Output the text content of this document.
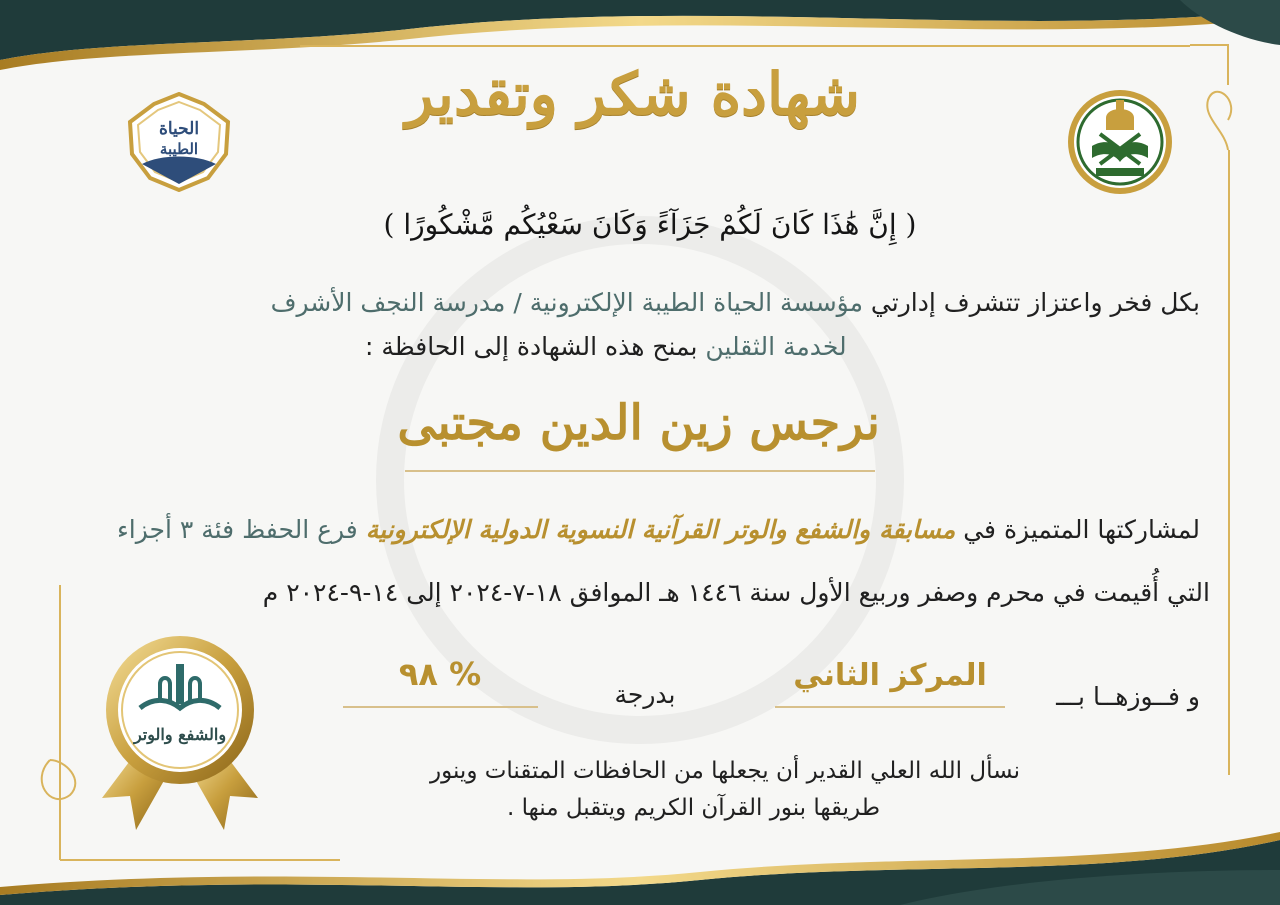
الحياة
الطيبة
شهادة شكر وتقدير
( إِنَّ هَٰذَا كَانَ لَكُمْ جَزَآءً وَكَانَ سَعْيُكُم مَّشْكُورًا )
بكل فخر واعتزاز تتشرف إدارتي مؤسسة الحياة الطيبة الإلكترونية / مدرسة النجف الأشرف
لخدمة الثقلين بمنح هذه الشهادة إلى الحافظة :
نرجس زين الدين مجتبى
لمشاركتها المتميزة في مسابقة والشفع والوتر القرآنية النسوية الدولية الإلكترونية فرع الحفظ فئة ٣ أجزاء
التي أُقيمت في محرم وصفر وربيع الأول سنة ١٤٤٦ هـ الموافق ١٨-٧-٢٠٢٤ إلى ١٤-٩-٢٠٢٤ م
و فــوزهــا بـــ
المركز الثاني
بدرجة
٩٨ %
نسأل الله العلي القدير أن يجعلها من الحافظات المتقنات وينور
طريقها بنور القرآن الكريم ويتقبل منها .
والشفع والوتر
